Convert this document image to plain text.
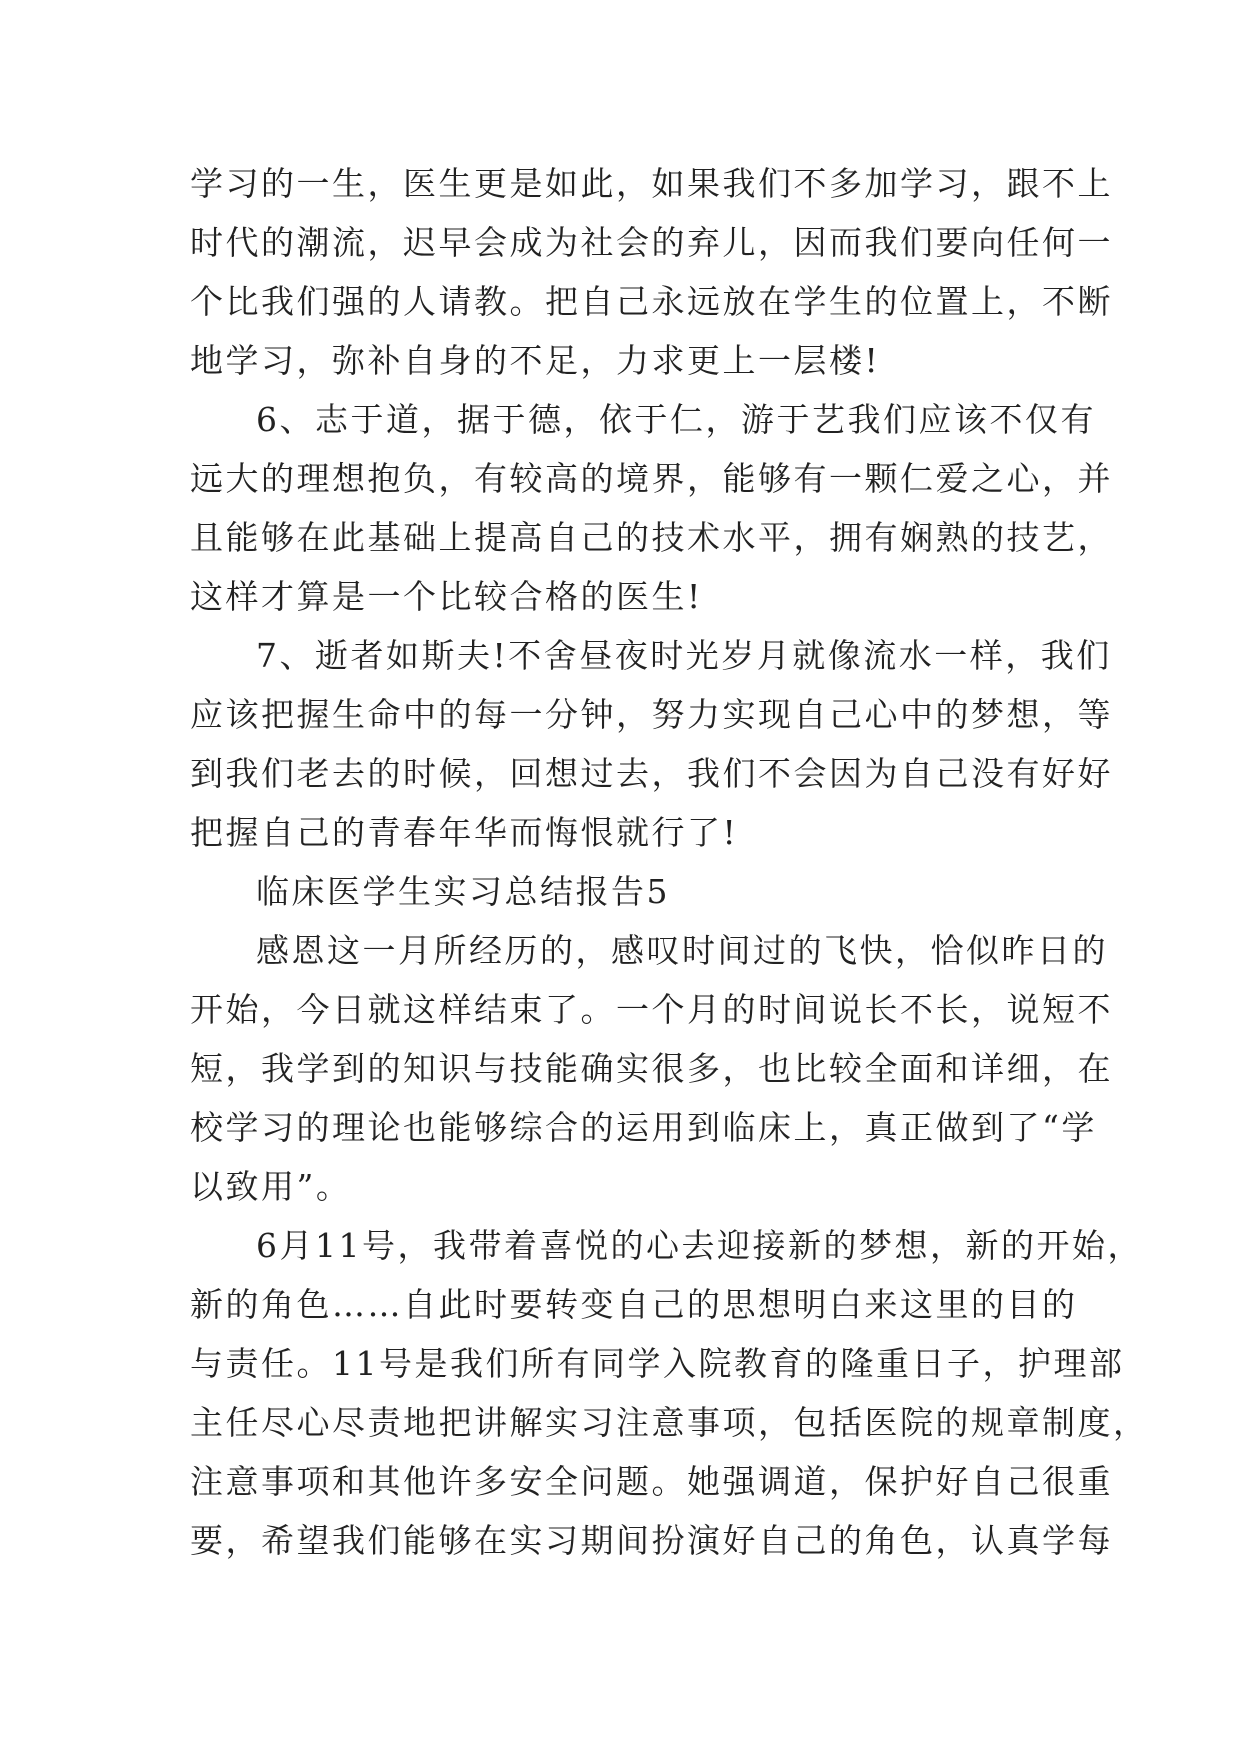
学习的一生，医生更是如此，如果我们不多加学习，跟不上
时代的潮流，迟早会成为社会的弃儿，因而我们要向任何一
个比我们强的人请教。把自己永远放在学生的位置上，不断
地学习，弥补自身的不足，力求更上一层楼!
6、志于道，据于德，依于仁，游于艺我们应该不仅有
远大的理想抱负，有较高的境界，能够有一颗仁爱之心，并
且能够在此基础上提高自己的技术水平，拥有娴熟的技艺，
这样才算是一个比较合格的医生!
7、逝者如斯夫!不舍昼夜时光岁月就像流水一样，我们
应该把握生命中的每一分钟，努力实现自己心中的梦想，等
到我们老去的时候，回想过去，我们不会因为自己没有好好
把握自己的青春年华而悔恨就行了!
临床医学生实习总结报告5
感恩这一月所经历的，感叹时间过的飞快，恰似昨日的
开始，今日就这样结束了。一个月的时间说长不长，说短不
短，我学到的知识与技能确实很多，也比较全面和详细，在
校学习的理论也能够综合的运用到临床上，真正做到了“学
以致用”。
6月11号，我带着喜悦的心去迎接新的梦想，新的开始，
新的角色……自此时要转变自己的思想明白来这里的目的
与责任。11号是我们所有同学入院教育的隆重日子，护理部
主任尽心尽责地把讲解实习注意事项，包括医院的规章制度，
注意事项和其他许多安全问题。她强调道，保护好自己很重
要，希望我们能够在实习期间扮演好自己的角色，认真学每
